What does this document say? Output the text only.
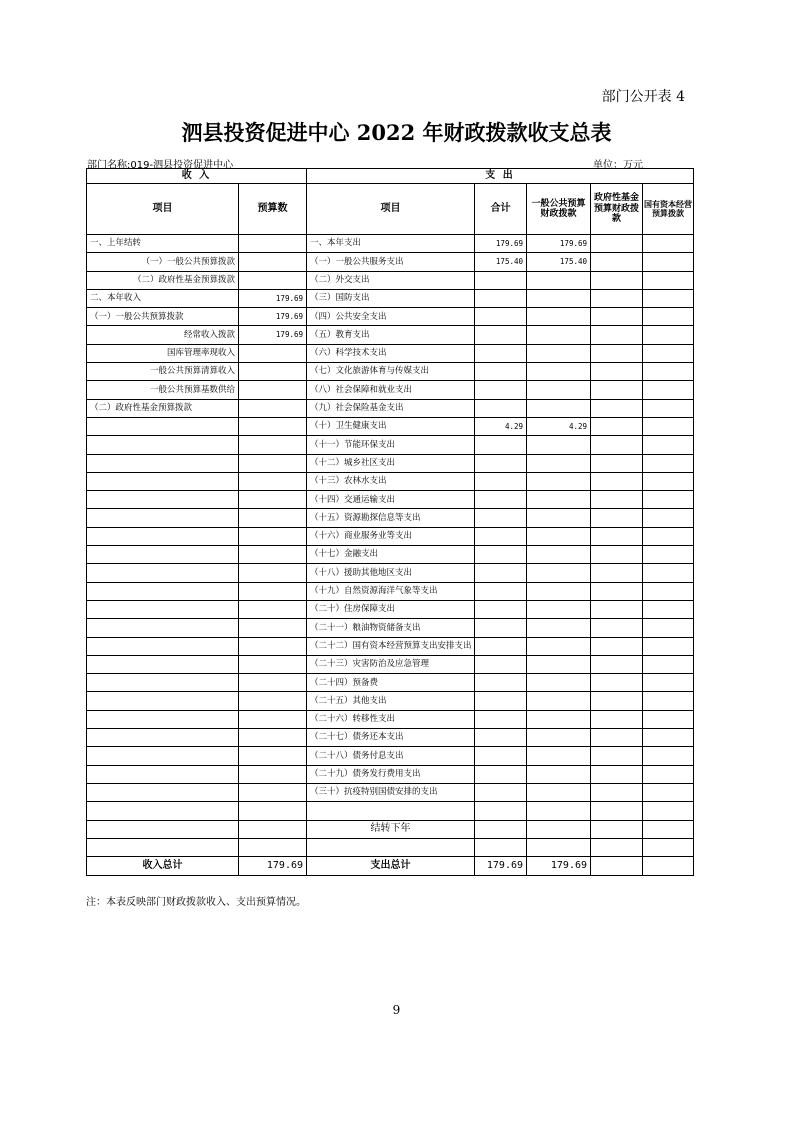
部门公开表 4
泗县投资促进中心 2022 年财政拨款收支总表
部门名称:019-泗县投资促进中心	单位：万元
收 入		支 出				
项目	预算数	项目	合计	一般公共预算财政拨款	政府性基金预算财政拨款	国有资本经营预算拨款
一、上年结转		一、本年支出	179.69	179.69		
（一）一般公共预算拨款		（一）一般公共服务支出	175.40	175.40		
（二）政府性基金预算拨款		（二）外交支出				
二、本年收入	179.69	（三）国防支出				
（一）一般公共预算拨款	179.69	（四）公共安全支出				
经常收入拨款	179.69	（五）教育支出				
国库管理率现收入		（六）科学技术支出				
一般公共预算清算收入		（七）文化旅游体育与传媒支出				
一般公共预算基数供给		（八）社会保障和就业支出				
（二）政府性基金预算拨款		（九）社会保险基金支出				
		（十）卫生健康支出	4.29	4.29		
		（十一）节能环保支出				
		（十二）城乡社区支出				
		（十三）农林水支出				
		（十四）交通运输支出				
		（十五）资源勘探信息等支出				
		（十六）商业服务业等支出				
		（十七）金融支出				
		（十八）援助其他地区支出				
		（十九）自然资源海洋气象等支出				
		（二十）住房保障支出				
		（二十一）粮油物资储备支出				
		（二十二）国有资本经营预算支出安排支出				
		（二十三）灾害防治及应急管理				
		（二十四）预备费				
		（二十五）其他支出				
		（二十六）转移性支出				
		（二十七）债务还本支出				
		（二十八）债务付息支出				
		（二十九）债务发行费用支出				
		（三十）抗疫特别国债安排的支出				

		结转下年				

收入总计	179.69	支出总计	179.69	179.69		
注：本表反映部门财政拨款收入、支出预算情况。
9
